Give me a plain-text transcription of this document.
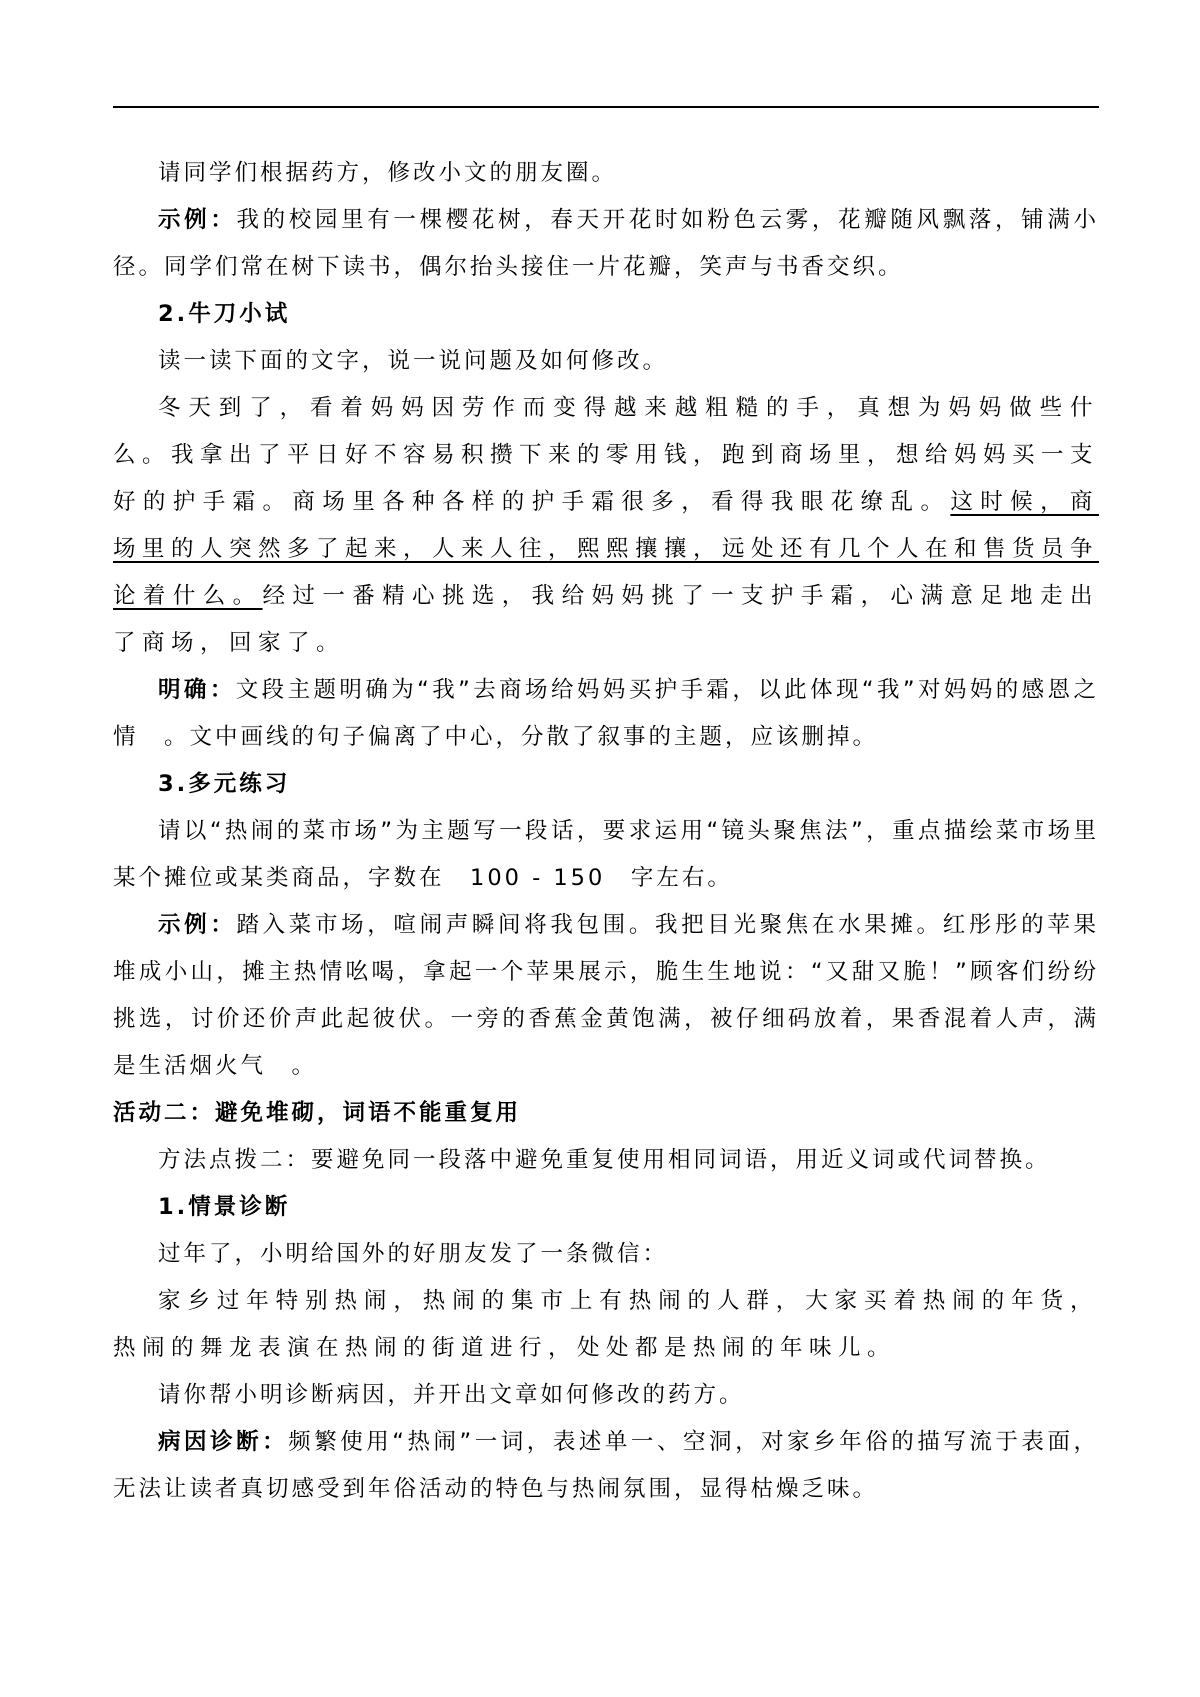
请同学们根据药方，修改小文的朋友圈。

示例：我的校园里有一棵樱花树，春天开花时如粉色云雾，花瓣随风飘落，铺满小径。同学们常在树下读书，偶尔抬头接住一片花瓣，笑声与书香交织。

2.牛刀小试

读一读下面的文字，说一说问题及如何修改。

冬天到了，看着妈妈因劳作而变得越来越粗糙的手，真想为妈妈做些什么。我拿出了平日好不容易积攒下来的零用钱，跑到商场里，想给妈妈买一支好的护手霜。商场里各种各样的护手霜很多，看得我眼花缭乱。这时候，商场里的人突然多了起来，人来人往，熙熙攘攘，远处还有几个人在和售货员争论着什么。经过一番精心挑选，我给妈妈挑了一支护手霜，心满意足地走出了商场，回家了。

明确：文段主题明确为“我”去商场给妈妈买护手霜，以此体现“我”对妈妈的感恩之情　。文中画线的句子偏离了中心，分散了叙事的主题，应该删掉。

3.多元练习

请以“热闹的菜市场”为主题写一段话，要求运用“镜头聚焦法”，重点描绘菜市场里某个摊位或某类商品，字数在　100 - 150　字左右。

示例：踏入菜市场，喧闹声瞬间将我包围。我把目光聚焦在水果摊。红彤彤的苹果堆成小山，摊主热情吆喝，拿起一个苹果展示，脆生生地说：“又甜又脆！”顾客们纷纷挑选，讨价还价声此起彼伏。一旁的香蕉金黄饱满，被仔细码放着，果香混着人声，满是生活烟火气　。

活动二：避免堆砌，词语不能重复用

方法点拨二：要避免同一段落中避免重复使用相同词语，用近义词或代词替换。

1.情景诊断

过年了，小明给国外的好朋友发了一条微信：

家乡过年特别热闹，热闹的集市上有热闹的人群，大家买着热闹的年货，热闹的舞龙表演在热闹的街道进行，处处都是热闹的年味儿。

请你帮小明诊断病因，并开出文章如何修改的药方。

病因诊断：频繁使用“热闹”一词，表述单一、空洞，对家乡年俗的描写流于表面，无法让读者真切感受到年俗活动的特色与热闹氛围，显得枯燥乏味。
